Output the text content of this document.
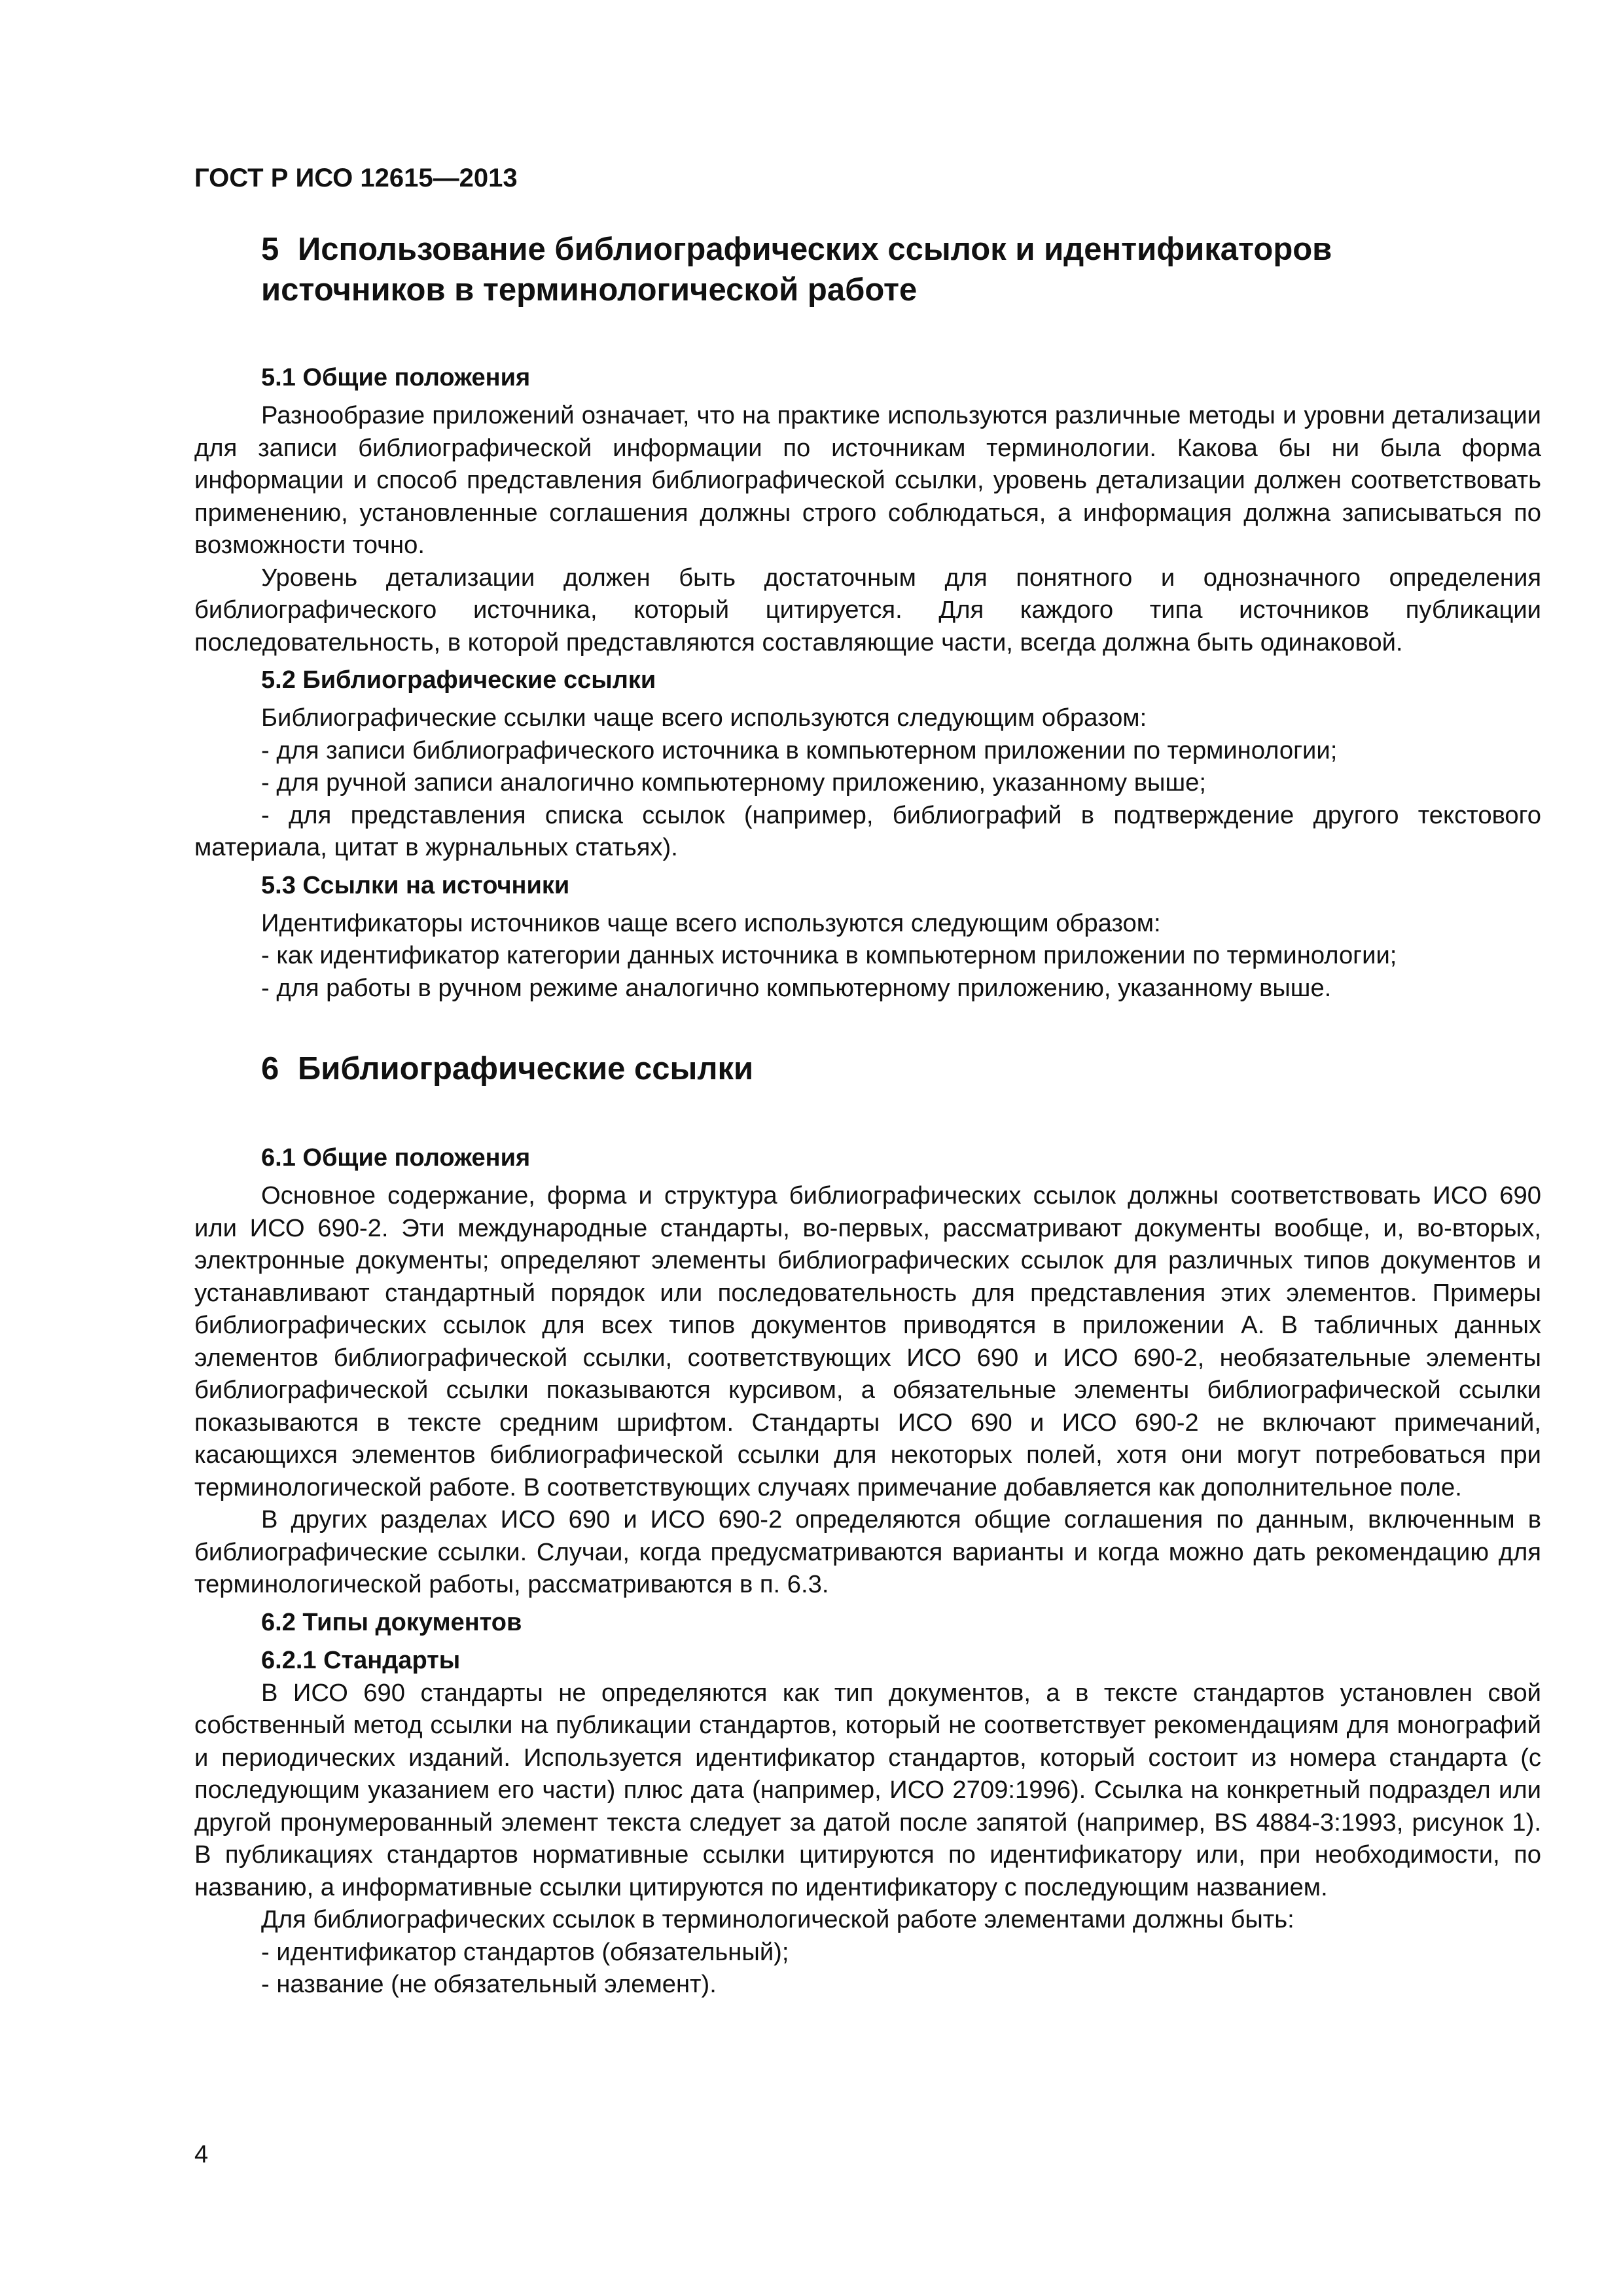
ГОСТ Р ИСО 12615—2013
5 Использование библиографических ссылок и идентификаторов
источников в терминологической работе
5.1 Общие положения

Разнообразие приложений означает, что на практике используются различные методы и уровни детализации для записи библиографической информации по источникам терминологии. Какова бы ни была форма информации и способ представления библиографической ссылки, уровень детализации должен соответствовать применению, установленные соглашения должны строго соблюдаться, а информация должна записываться по возможности точно.

Уровень детализации должен быть достаточным для понятного и однозначного определения библиографического источника, который цитируется. Для каждого типа источников публикации последовательность, в которой представляются составляющие части, всегда должна быть одинаковой.

5.2 Библиографические ссылки

Библиографические ссылки чаще всего используются следующим образом:

- для записи библиографического источника в компьютерном приложении по терминологии;

- для ручной записи аналогично компьютерному приложению, указанному выше;

- для представления списка ссылок (например, библиографий в подтверждение другого текстового материала, цитат в журнальных статьях).

5.3 Ссылки на источники

Идентификаторы источников чаще всего используются следующим образом:

- как идентификатор категории данных источника в компьютерном приложении по терминологии;

- для работы в ручном режиме аналогично компьютерному приложению, указанному выше.

6 Библиографические ссылки
6.1 Общие положения

Основное содержание, форма и структура библиографических ссылок должны соответствовать ИСО 690 или ИСО 690-2. Эти международные стандарты, во-первых, рассматривают документы вообще, и, во-вторых, электронные документы; определяют элементы библиографических ссылок для различных типов документов и устанавливают стандартный порядок или последовательность для представления этих элементов. Примеры библиографических ссылок для всех типов документов приводятся в приложении А. В табличных данных элементов библиографической ссылки, соответствующих ИСО 690 и ИСО 690-2, необязательные элементы библиографической ссылки показываются курсивом, а обязательные элементы библиографической ссылки показываются в тексте средним шрифтом. Стандарты ИСО 690 и ИСО 690-2 не включают примечаний, касающихся элементов библиографической ссылки для некоторых полей, хотя они могут потребоваться при терминологической работе. В соответствующих случаях примечание добавляется как дополнительное поле.

В других разделах ИСО 690 и ИСО 690-2 определяются общие соглашения по данным, включенным в библиографические ссылки. Случаи, когда предусматриваются варианты и когда можно дать рекомендацию для терминологической работы, рассматриваются в п. 6.3.

6.2 Типы документов
6.2.1 Стандарты

В ИСО 690 стандарты не определяются как тип документов, а в тексте стандартов установлен свой собственный метод ссылки на публикации стандартов, который не соответствует рекомендациям для монографий и периодических изданий. Используется идентификатор стандартов, который состоит из номера стандарта (с последующим указанием его части) плюс дата (например, ИСО 2709:1996). Ссылка на конкретный подраздел или другой пронумерованный элемент текста следует за датой после запятой (например, BS 4884-3:1993, рисунок 1). В публикациях стандартов нормативные ссылки цитируются по идентификатору или, при необходимости, по названию, а информативные ссылки цитируются по идентификатору с последующим названием.

Для библиографических ссылок в терминологической работе элементами должны быть:

- идентификатор стандартов (обязательный);

- название (не обязательный элемент).

4
